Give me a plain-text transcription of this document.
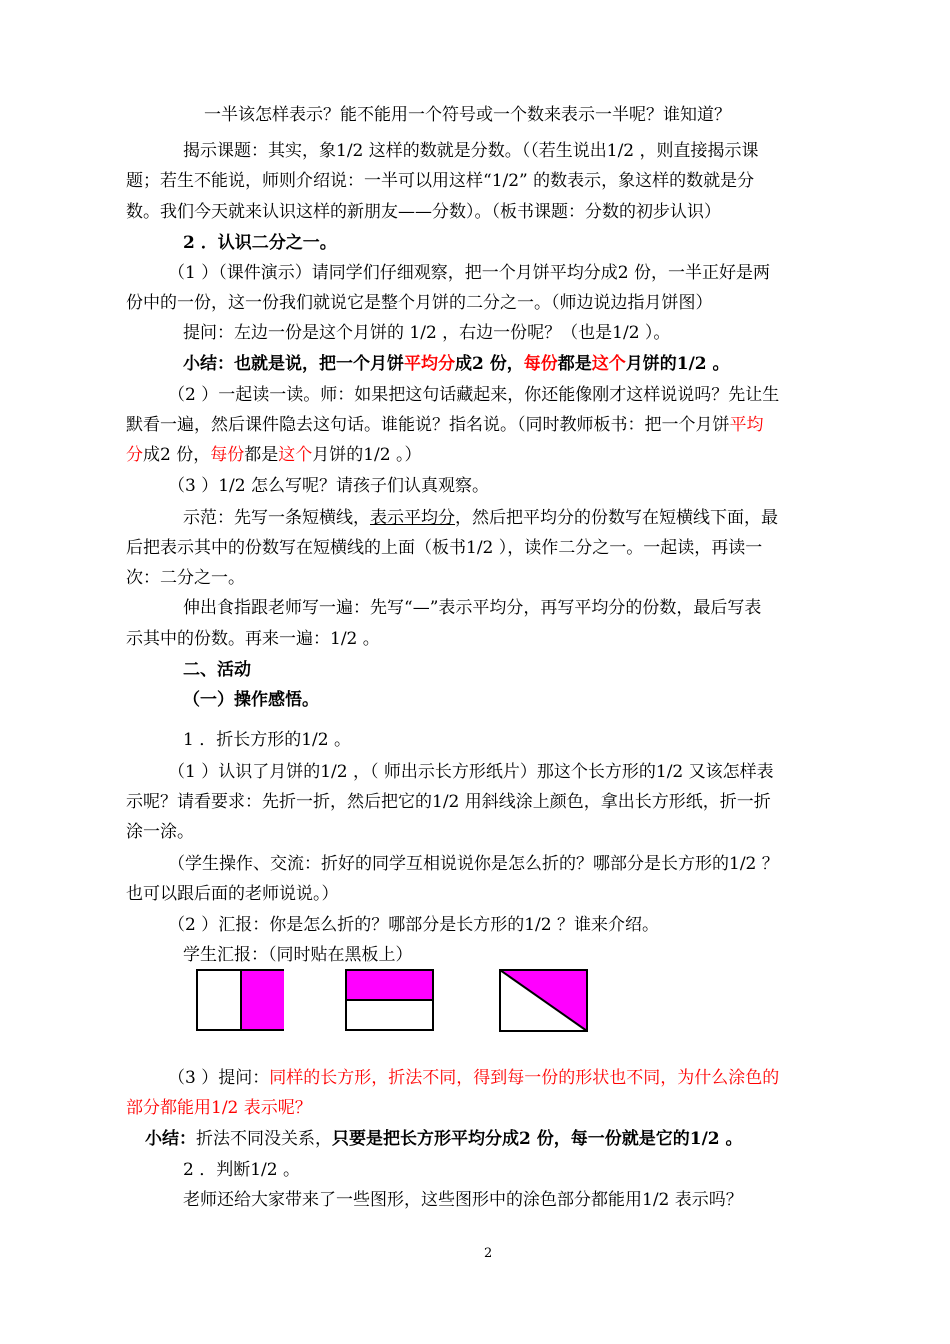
一半该怎样表示？能不能用一个符号或一个数来表示一半呢？谁知道？
揭示课题：其实，象1/2 这样的数就是分数。（（若生说出1/2 ，则直接揭示课
题；若生不能说，师则介绍说：一半可以用这样“1/2” 的数表示，象这样的数就是分
数。我们今天就来认识这样的新朋友——分数）。（板书课题：分数的初步认识）
2 ．认识二分之一。
（1 ）（课件演示）请同学们仔细观察，把一个月饼平均分成2 份，一半正好是两
份中的一份，这一份我们就说它是整个月饼的二分之一。（师边说边指月饼图）
提问：左边一份是这个月饼的 1/2 ，右边一份呢？（也是1/2 ）。
小结：也就是说，把一个月饼平均分成2 份，每份都是这个月饼的1/2 。
（2 ）一起读一读。师：如果把这句话藏起来，你还能像刚才这样说说吗？先让生
默看一遍，然后课件隐去这句话。谁能说？指名说。（同时教师板书：把一个月饼平均
分成2 份，每份都是这个月饼的1/2 。）
（3 ）1/2 怎么写呢？请孩子们认真观察。
示范：先写一条短横线，表示平均分，然后把平均分的份数写在短横线下面，最
后把表示其中的份数写在短横线的上面（板书1/2 ），读作二分之一。一起读，再读一
次：二分之一。
伸出食指跟老师写一遍：先写“—”表示平均分，再写平均分的份数，最后写表
示其中的份数。再来一遍：1/2 。
二、活动
（一）操作感悟。
1 ．折长方形的1/2 。
（1 ）认识了月饼的1/2 ，（ 师出示长方形纸片）那这个长方形的1/2 又该怎样表
示呢？请看要求：先折一折，然后把它的1/2 用斜线涂上颜色，拿出长方形纸，折一折
涂一涂。
（学生操作、交流：折好的同学互相说说你是怎么折的？哪部分是长方形的1/2 ？
也可以跟后面的老师说说。）
（2 ）汇报：你是怎么折的？哪部分是长方形的1/2 ？谁来介绍。
学生汇报：（同时贴在黑板上）
（3 ）提问：同样的长方形，折法不同，得到每一份的形状也不同，为什么涂色的
部分都能用1/2 表示呢？
小结：折法不同没关系，只要是把长方形平均分成2 份，每一份就是它的1/2 。
2 ．判断1/2 。
老师还给大家带来了一些图形，这些图形中的涂色部分都能用1/2 表示吗？
2
